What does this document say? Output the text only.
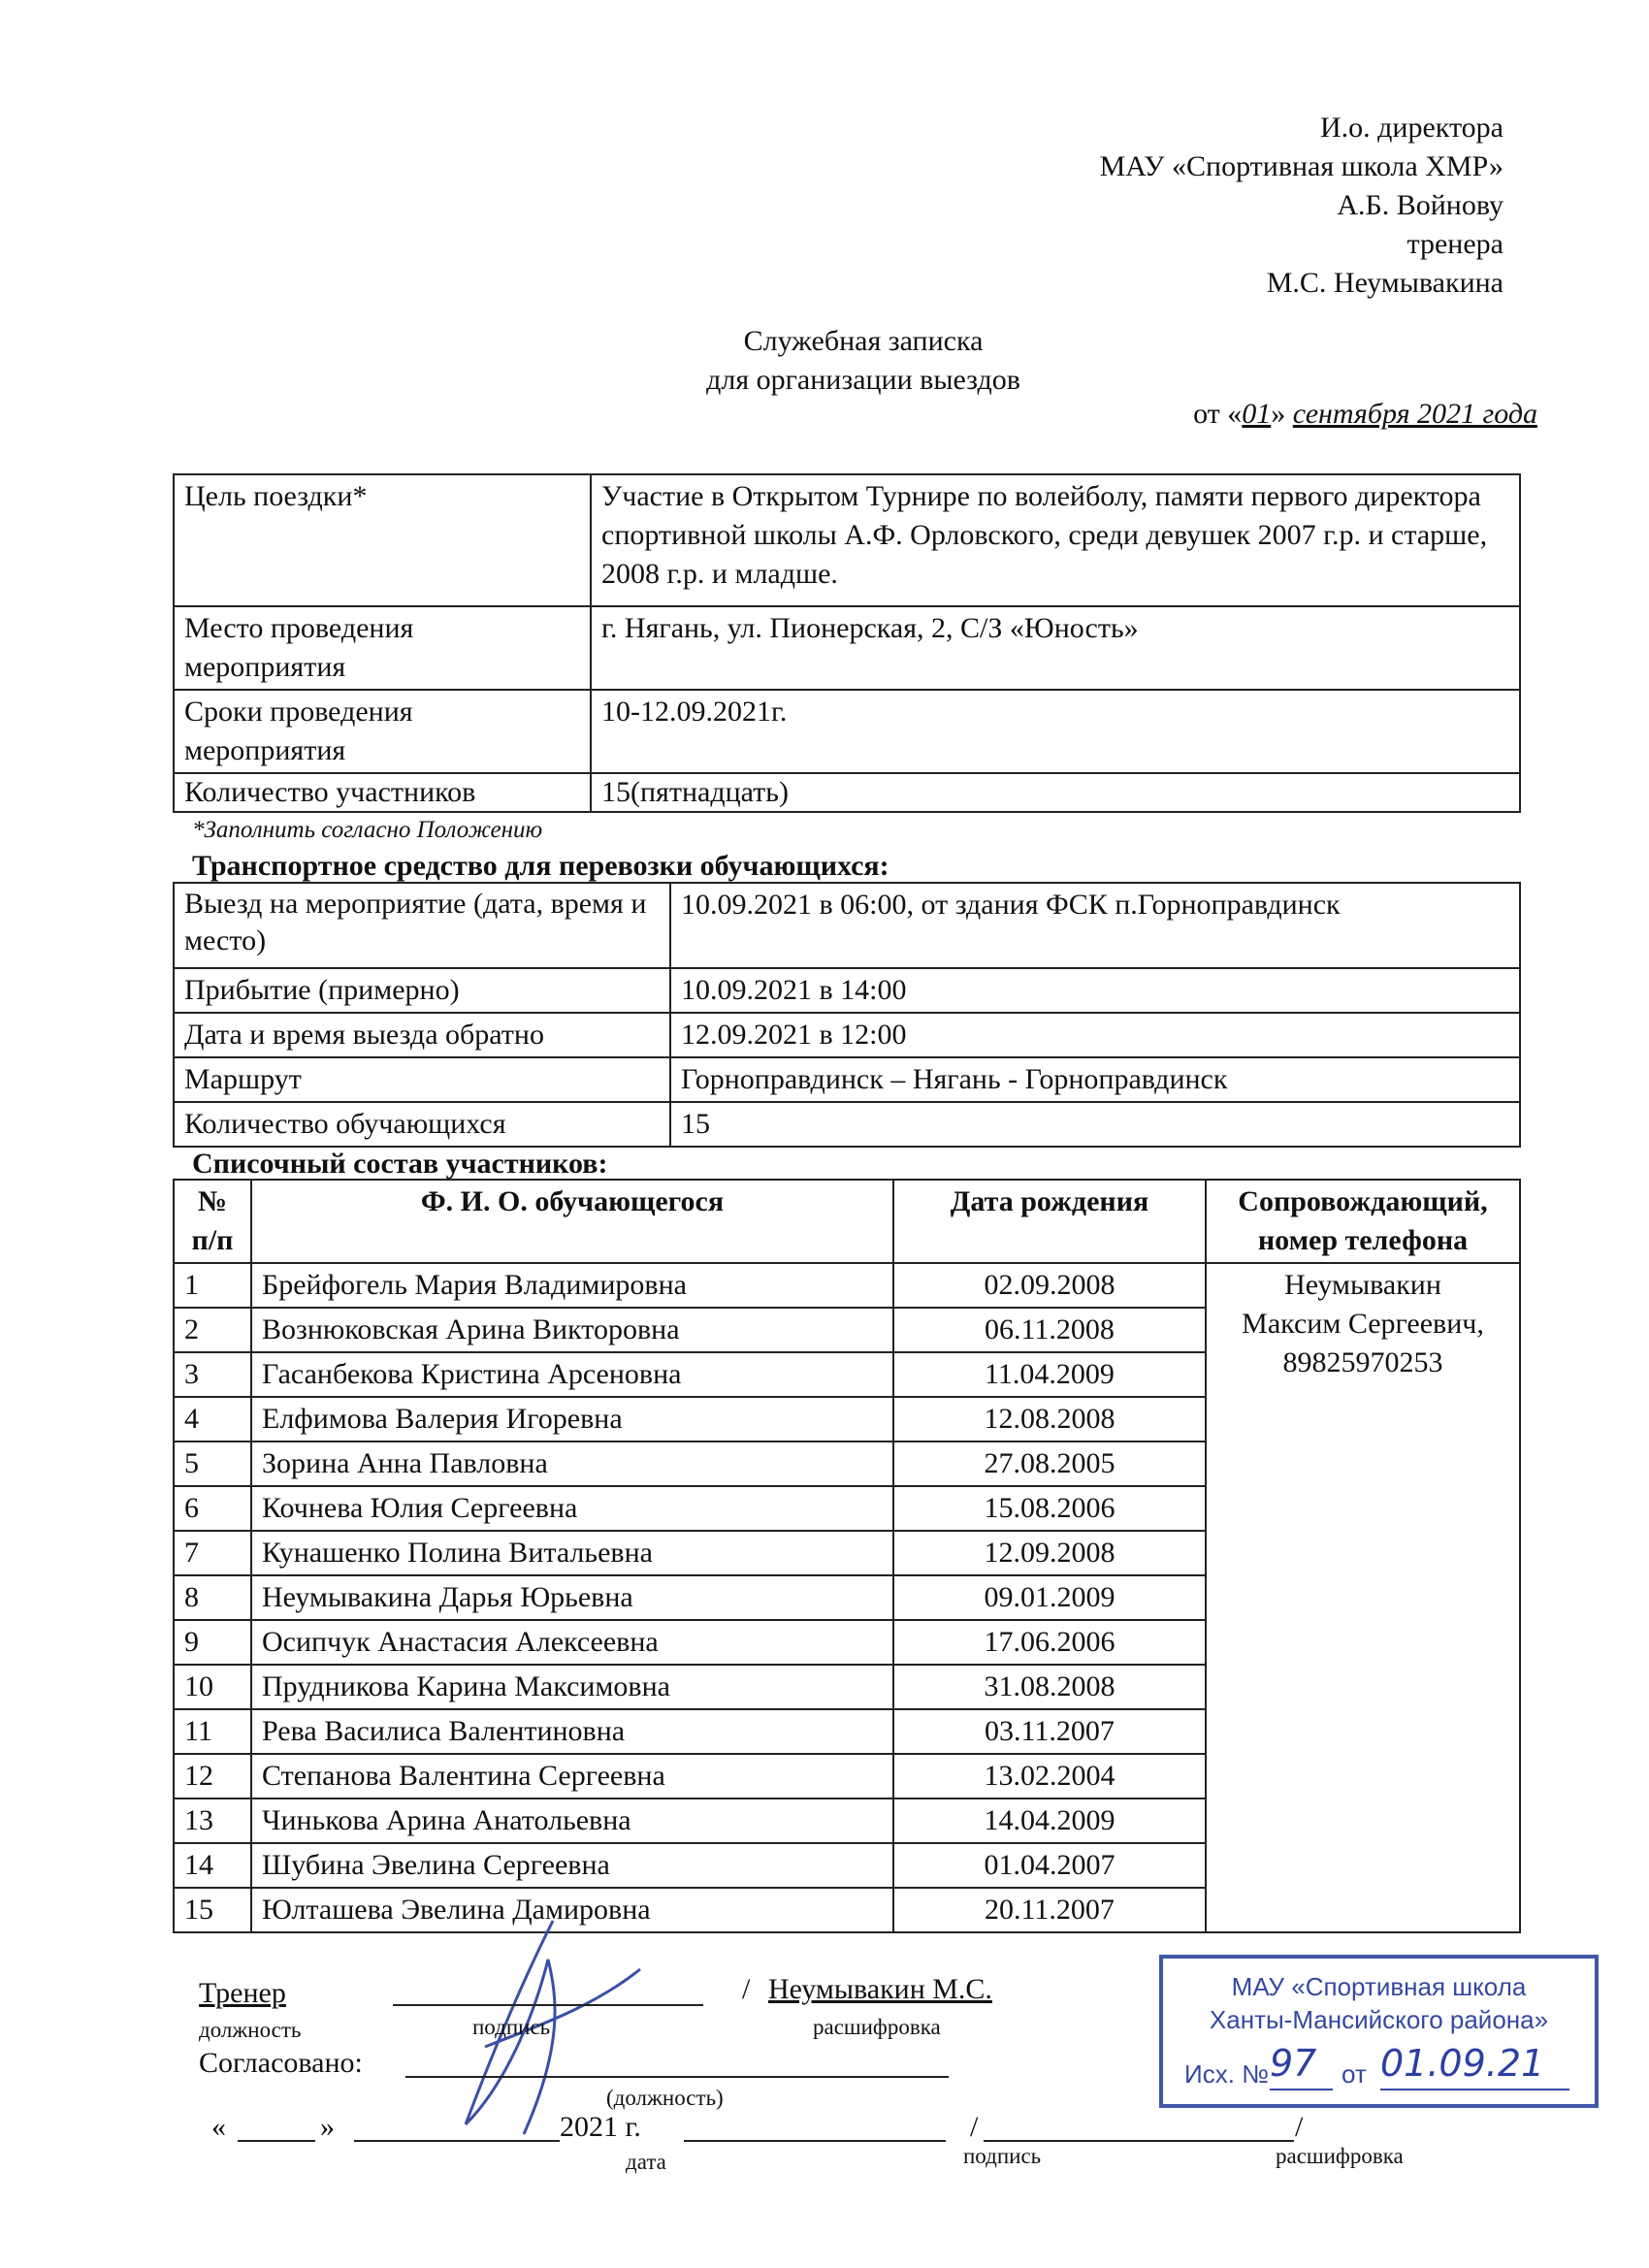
И.о. директора
МАУ «Спортивная школа ХМР»
А.Б. Войнову
тренера
М.С. Неумывакина
Служебная записка
для организации выездов
от «01» сентября 2021 года
Цель поездки*	Участие в Открытом Турнире по волейболу, памяти первого директора спортивной школы А.Ф. Орловского, среди девушек 2007 г.р. и старше, 2008 г.р. и младше.
Место проведения мероприятия	г. Нягань, ул. Пионерская, 2, С/З «Юность»
Сроки проведения мероприятия	10-12.09.2021г.
Количество участников	15(пятнадцать)
*Заполнить согласно Положению
Транспортное средство для перевозки обучающихся:
Выезд на мероприятие (дата, время и место)	10.09.2021 в 06:00, от здания ФСК п.Горноправдинск
Прибытие (примерно)	10.09.2021 в 14:00
Дата и время выезда обратно	12.09.2021 в 12:00
Маршрут	Горноправдинск – Нягань - Горноправдинск
Количество обучающихся	15
Списочный состав участников:
№ п/п	Ф. И. О. обучающегося	Дата рождения	Сопровождающий, номер телефона
1	Брейфогель Мария Владимировна	02.09.2008	Неумывакин
Максим Сергеевич,
89825970253

2	Вознюковская Арина Викторовна	06.11.2008	
3	Гасанбекова Кристина Арсеновна	11.04.2009	
4	Елфимова Валерия Игоревна	12.08.2008	
5	Зорина Анна Павловна	27.08.2005	
6	Кочнева Юлия Сергеевна	15.08.2006	
7	Кунашенко Полина Витальевна	12.09.2008	
8	Неумывакина Дарья Юрьевна	09.01.2009	
9	Осипчук Анастасия Алексеевна	17.06.2006	
10	Прудникова Карина Максимовна	31.08.2008	
11	Рева Василиса Валентиновна	03.11.2007	
12	Степанова Валентина Сергеевна	13.02.2004	
13	Чинькова Арина Анатольевна	14.04.2009	
14	Шубина Эвелина Сергеевна	01.04.2007	
15	Юлташева Эвелина Дамировна	20.11.2007	
Тренер	/ Неумывакин М.С.
должность	подпись	расшифровка
Согласовано:
(должность)
«	»	2021 г.	/	/
дата	подпись	расшифровка
МАУ «Спортивная школа
Ханты-Мансийского района»
Исх. № 97 от 01.09.21
